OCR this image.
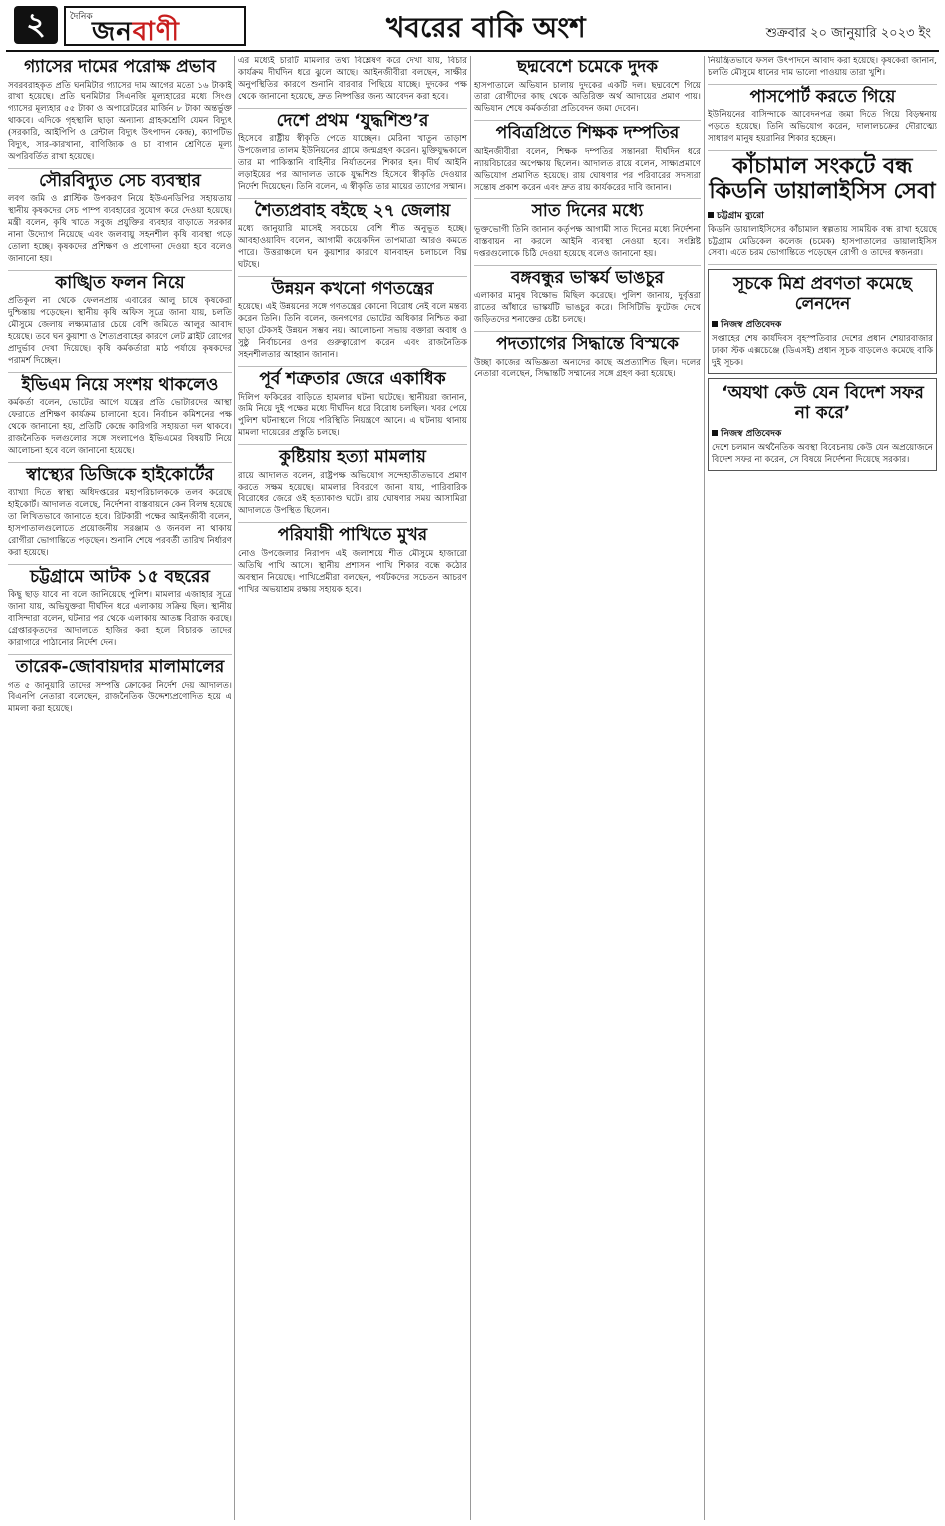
২	দৈনিক জনবাণী	খবরের বাকি অংশ	শুক্রবার ২০ জানুয়ারি ২০২৩ ইং
গ্যাসের দামের পরোক্ষ প্রভাব

সবরবরাহকৃত প্রতি ঘনমিটার গ্যাসের দাম আগের মতো ১৬ টাকাই রাখা হয়েছে। প্রতি ঘনমিটার সিএনজি মূল্যহারের মধ্যে সিংগু গ্যাসের মূল্যহার ৫৫ টাকা ও অপারেটরের মার্জিন ৮ টাকা অন্তর্ভুক্ত থাকবে। এদিকে গৃহস্থালি ছাড়া অন্যান্য গ্রাহকশ্রেণি যেমন বিদ্যুৎ (সরকারি, আইপিপি ও রেন্টাল বিদ্যুৎ উৎপাদন কেন্দ্র), ক্যাপটিভ বিদ্যুৎ, সার-কারখানা, বাণিজ্যিক ও চা বাগান শ্রেণিতে মূল্য অপরিবর্তিত রাখা হয়েছে।

সৌরবিদ্যুত সেচ ব্যবস্থার

লবণ জমি ও প্লাস্টিক উপকরণ নিয়ে ইউএনডিপির সহায়তায় স্থানীয় কৃষকদের সেচ পাম্প ব্যবহারের সুযোগ করে দেওয়া হয়েছে। মন্ত্রী বলেন, কৃষি খাতে সবুজ প্রযুক্তির ব্যবহার বাড়াতে সরকার নানা উদ্যোগ নিয়েছে এবং জলবায়ু সহনশীল কৃষি ব্যবস্থা গড়ে তোলা হচ্ছে। কৃষকদের প্রশিক্ষণ ও প্রণোদনা দেওয়া হবে বলেও জানানো হয়।

কাঙ্খিত ফলন নিয়ে

প্রতিকূল না থেকে ফেলনপ্রায় এবারের আলু চাষে কৃষকেরা দুশ্চিন্তায় পড়েছেন। স্থানীয় কৃষি অফিস সূত্রে জানা যায়, চলতি মৌসুমে জেলায় লক্ষ্যমাত্রার চেয়ে বেশি জমিতে আলুর আবাদ হয়েছে। তবে ঘন কুয়াশা ও শৈত্যপ্রবাহের কারণে লেট ব্লাইট রোগের প্রাদুর্ভাব দেখা দিয়েছে। কৃষি কর্মকর্তারা মাঠ পর্যায়ে কৃষকদের পরামর্শ দিচ্ছেন।

ইভিএম নিয়ে সংশয় থাকলেও

কর্মকর্তা বলেন, ভোটের আগে যন্ত্রের প্রতি ভোটারদের আস্থা ফেরাতে প্রশিক্ষণ কার্যক্রম চালানো হবে। নির্বাচন কমিশনের পক্ষ থেকে জানানো হয়, প্রতিটি কেন্দ্রে কারিগরি সহায়তা দল থাকবে। রাজনৈতিক দলগুলোর সঙ্গে সংলাপেও ইভিএমের বিষয়টি নিয়ে আলোচনা হবে বলে জানানো হয়েছে।

স্বাস্থ্যের ডিজিকে হাইকোর্টের

ব্যাখ্যা দিতে স্বাস্থ্য অধিদপ্তরের মহাপরিচালককে তলব করেছে হাইকোর্ট। আদালত বলেছে, নির্দেশনা বাস্তবায়নে কেন বিলম্ব হয়েছে তা লিখিতভাবে জানাতে হবে। রিটকারী পক্ষের আইনজীবী বলেন, হাসপাতালগুলোতে প্রয়োজনীয় সরঞ্জাম ও জনবল না থাকায় রোগীরা ভোগান্তিতে পড়ছেন। শুনানি শেষে পরবর্তী তারিখ নির্ধারণ করা হয়েছে।

চট্টগ্রামে আটক ১৫ বছরের

কিছু ছাড় যাবে না বলে জানিয়েছে পুলিশ। মামলার এজাহার সূত্রে জানা যায়, অভিযুক্তরা দীর্ঘদিন ধরে এলাকায় সক্রিয় ছিল। স্থানীয় বাসিন্দারা বলেন, ঘটনার পর থেকে এলাকায় আতঙ্ক বিরাজ করছে। গ্রেপ্তারকৃতদের আদালতে হাজির করা হলে বিচারক তাদের কারাগারে পাঠানোর নির্দেশ দেন।

তারেক-জোবায়দার মালামালের

গত ৫ জানুয়ারি তাদের সম্পত্তি ক্রোকের নির্দেশ দেয় আদালত। বিএনপি নেতারা বলেছেন, রাজনৈতিক উদ্দেশ্যপ্রণোদিত হয়ে এ মামলা করা হয়েছে।

এর মধ্যেই চারটি মামলার তথ্য বিশ্লেষণ করে দেখা যায়, বিচার কার্যক্রম দীর্ঘদিন ধরে ঝুলে আছে। আইনজীবীরা বলছেন, সাক্ষীর অনুপস্থিতির কারণে শুনানি বারবার পিছিয়ে যাচ্ছে। দুদকের পক্ষ থেকে জানানো হয়েছে, দ্রুত নিষ্পত্তির জন্য আবেদন করা হবে।

দেশে প্রথম ‘যুদ্ধশিশু’র

হিসেবে রাষ্ট্রীয় স্বীকৃতি পেতে যাচ্ছেন। মেরিনা খাতুন তাড়াশ উপজেলার তালম ইউনিয়নের গ্রামে জন্মগ্রহণ করেন। মুক্তিযুদ্ধকালে তার মা পাকিস্তানি বাহিনীর নির্যাতনের শিকার হন। দীর্ঘ আইনি লড়াইয়ের পর আদালত তাকে যুদ্ধশিশু হিসেবে স্বীকৃতি দেওয়ার নির্দেশ দিয়েছেন। তিনি বলেন, এ স্বীকৃতি তার মায়ের ত্যাগের সম্মান।

শৈত্যপ্রবাহ বইছে ২৭ জেলায়

মধ্যে জানুয়ারি মাসেই সবচেয়ে বেশি শীত অনুভূত হচ্ছে। আবহাওয়াবিদ বলেন, আগামী কয়েকদিন তাপমাত্রা আরও কমতে পারে। উত্তরাঞ্চলে ঘন কুয়াশার কারণে যানবাহন চলাচলে বিঘ্ন ঘটছে।

উন্নয়ন কখনো গণতন্ত্রের

হয়েছে। এই উন্নয়নের সঙ্গে গণতন্ত্রের কোনো বিরোধ নেই বলে মন্তব্য করেন তিনি। তিনি বলেন, জনগণের ভোটের অধিকার নিশ্চিত করা ছাড়া টেকসই উন্নয়ন সম্ভব নয়। আলোচনা সভায় বক্তারা অবাধ ও সুষ্ঠু নির্বাচনের ওপর গুরুত্বারোপ করেন এবং রাজনৈতিক সহনশীলতার আহ্বান জানান।

পূর্ব শত্রুতার জেরে একাধিক

দিলিপ ফকিরের বাড়িতে হামলার ঘটনা ঘটেছে। স্থানীয়রা জানান, জমি নিয়ে দুই পক্ষের মধ্যে দীর্ঘদিন ধরে বিরোধ চলছিল। খবর পেয়ে পুলিশ ঘটনাস্থলে গিয়ে পরিস্থিতি নিয়ন্ত্রণে আনে। এ ঘটনায় থানায় মামলা দায়েরের প্রস্তুতি চলছে।

কুষ্টিয়ায় হত্যা মামলায়

রায়ে আদালত বলেন, রাষ্ট্রপক্ষ অভিযোগ সন্দেহাতীতভাবে প্রমাণ করতে সক্ষম হয়েছে। মামলার বিবরণে জানা যায়, পারিবারিক বিরোধের জেরে ওই হত্যাকাণ্ড ঘটে। রায় ঘোষণার সময় আসামিরা আদালতে উপস্থিত ছিলেন।

পরিযায়ী পাখিতে মুখর

নোও উপজেলার নিরাপদ এই জলাশয়ে শীত মৌসুমে হাজারো অতিথি পাখি আসে। স্থানীয় প্রশাসন পাখি শিকার বন্ধে কঠোর অবস্থান নিয়েছে। পাখিপ্রেমীরা বলছেন, পর্যটকদের সচেতন আচরণ পাখির অভয়াশ্রম রক্ষায় সহায়ক হবে।

ছদ্মবেশে চমেকে দুদক

হাসপাতালে অভিযান চালায় দুদকের একটি দল। ছদ্মবেশে গিয়ে তারা রোগীদের কাছ থেকে অতিরিক্ত অর্থ আদায়ের প্রমাণ পায়। অভিযান শেষে কর্মকর্তারা প্রতিবেদন জমা দেবেন।

পবিত্রপ্রিতে শিক্ষক দম্পতির

আইনজীবীরা বলেন, শিক্ষক দম্পতির সন্তানরা দীর্ঘদিন ধরে ন্যায়বিচারের অপেক্ষায় ছিলেন। আদালত রায়ে বলেন, সাক্ষ্যপ্রমাণে অভিযোগ প্রমাণিত হয়েছে। রায় ঘোষণার পর পরিবারের সদস্যরা সন্তোষ প্রকাশ করেন এবং দ্রুত রায় কার্যকরের দাবি জানান।

সাত দিনের মধ্যে

ভূক্তভোগী তিনি জানান কর্তৃপক্ষ আগামী সাত দিনের মধ্যে নির্দেশনা বাস্তবায়ন না করলে আইনি ব্যবস্থা নেওয়া হবে। সংশ্লিষ্ট দপ্তরগুলোকে চিঠি দেওয়া হয়েছে বলেও জানানো হয়।

বঙ্গবন্ধুর ভাস্কর্য ভাঙচুর

এলাকার মানুষ বিক্ষোভ মিছিল করেছে। পুলিশ জানায়, দুর্বৃত্তরা রাতের আঁধারে ভাস্কর্যটি ভাঙচুর করে। সিসিটিভি ফুটেজ দেখে জড়িতদের শনাক্তের চেষ্টা চলছে।

পদত্যাগের সিদ্ধান্তে বিস্মকে

উচ্ছা কাজের অভিজ্ঞতা অন্যদের কাছে অপ্রত্যাশিত ছিল। দলের নেতারা বলেছেন, সিদ্ধান্তটি সম্মানের সঙ্গে গ্রহণ করা হয়েছে।

নিয়ন্ত্রিতভাবে ফসল উৎপাদনে আবাদ করা হয়েছে। কৃষকেরা জানান, চলতি মৌসুমে ধানের দাম ভালো পাওয়ায় তারা খুশি।

পাসপোর্ট করতে গিয়ে

ইউনিয়নের বাসিন্দাকে আবেদনপত্র জমা দিতে গিয়ে বিড়ম্বনায় পড়তে হয়েছে। তিনি অভিযোগ করেন, দালালচক্রের দৌরাত্ম্যে সাধারণ মানুষ হয়রানির শিকার হচ্ছেন।

কাঁচামাল সংকটে বন্ধ কিডনি ডায়ালাইসিস সেবা
চট্টগ্রাম ব্যুরো

কিডনি ডায়ালাইসিসের কাঁচামাল স্বল্পতায় সাময়িক বন্ধ রাখা হয়েছে চট্টগ্রাম মেডিকেল কলেজ (চমেক) হাসপাতালের ডায়ালাইসিস সেবা। এতে চরম ভোগান্তিতে পড়েছেন রোগী ও তাদের স্বজনরা।

সূচকে মিশ্র প্রবণতা কমেছে লেনদেন
নিজস্ব প্রতিবেদক

সপ্তাহের শেষ কার্যদিবস বৃহস্পতিবার দেশের প্রধান শেয়ারবাজার ঢাকা স্টক এক্সচেঞ্জে (ডিএসই) প্রধান সূচক বাড়লেও কমেছে বাকি দুই সূচক।

‘অযথা কেউ যেন বিদেশ সফর না করে’
নিজস্ব প্রতিবেদক

দেশে চলমান অর্থনৈতিক অবস্থা বিবেচনায় কেউ যেন অপ্রয়োজনে বিদেশ সফর না করেন, সে বিষয়ে নির্দেশনা দিয়েছে সরকার।
